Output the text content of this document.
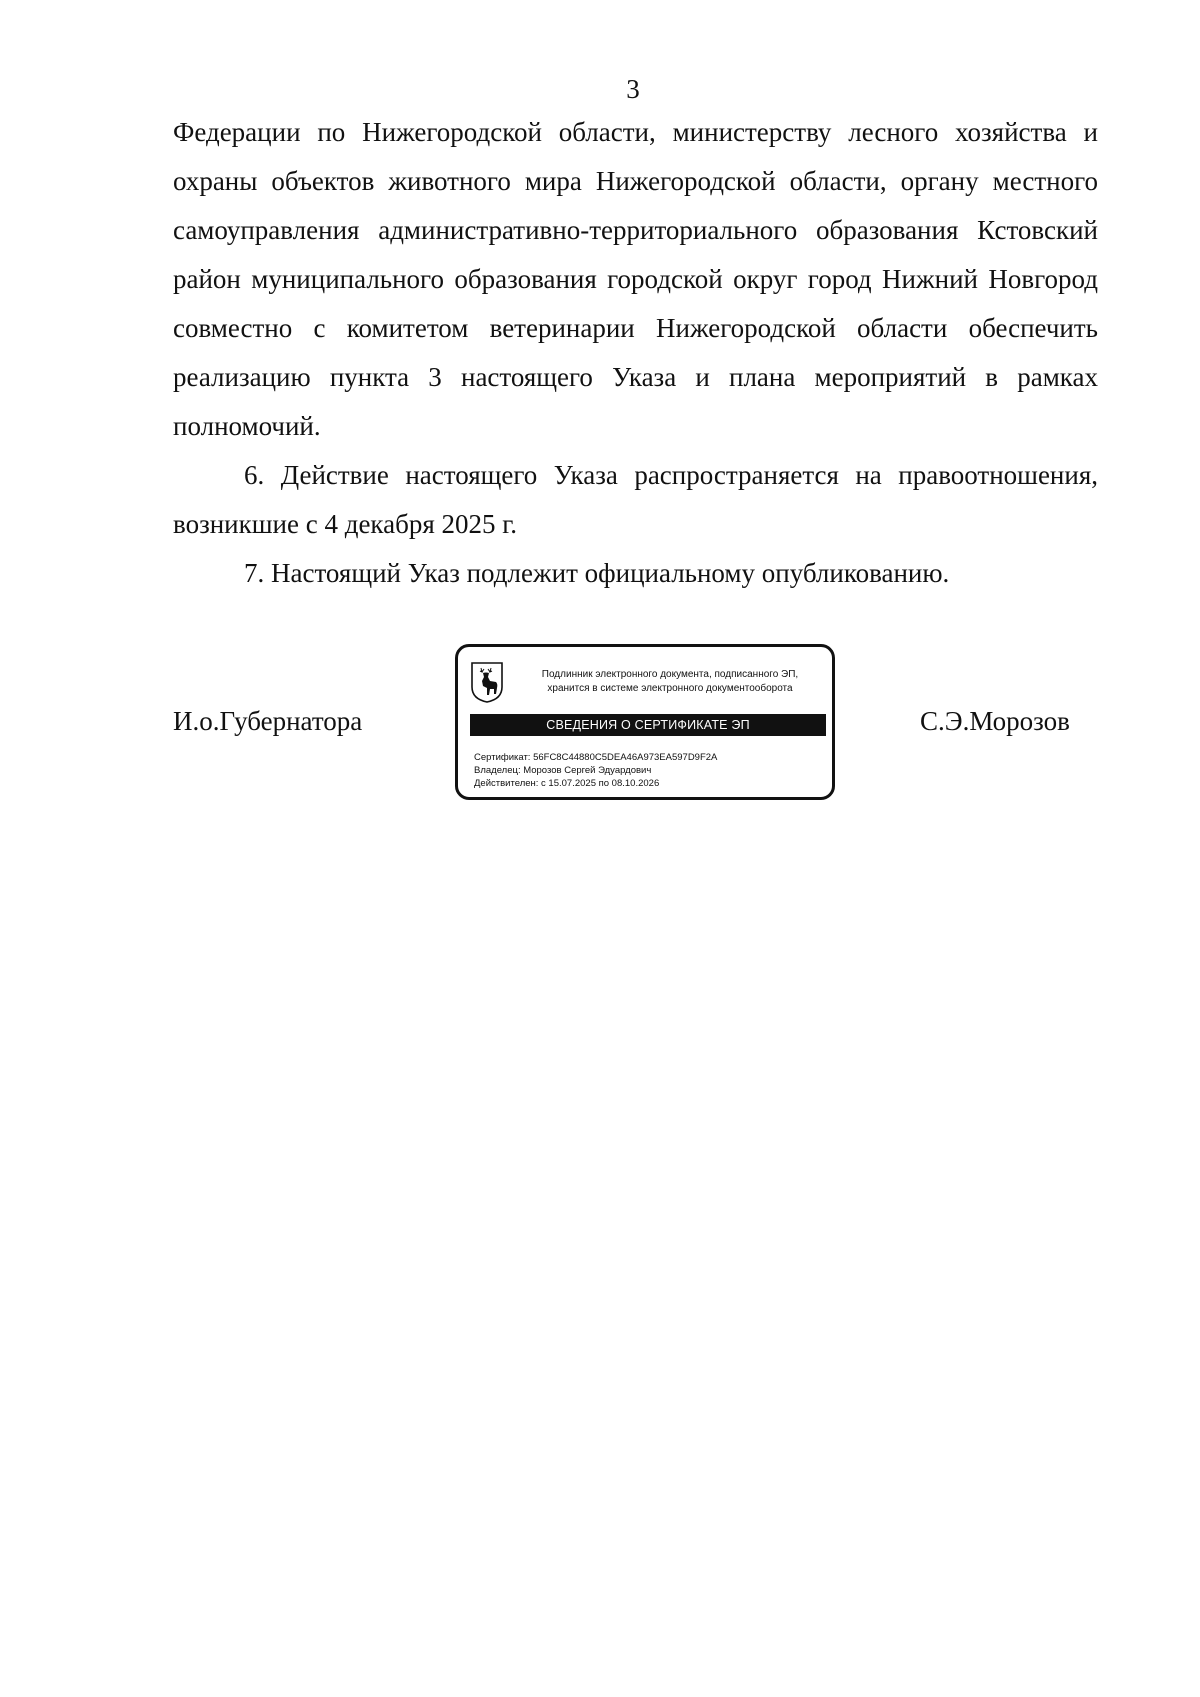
3

Федерации по Нижегородской области, министерству лесного хозяйства и охраны объектов животного мира Нижегородской области, органу местного самоуправления административно-территориального образования Кстовский район муниципального образования городской округ город Нижний Новгород совместно с комитетом ветеринарии Нижегородской области обеспечить реализацию пункта 3 настоящего Указа и плана мероприятий в рамках полномочий.

6. Действие настоящего Указа распространяется на правоотношения, возникшие с 4 декабря 2025 г.

7. Настоящий Указ подлежит официальному опубликованию.

И.о.Губернатора
Подлинник электронного документа, подписанного ЭП,
хранится в системе электронного документооборота
СВЕДЕНИЯ О СЕРТИФИКАТЕ ЭП
Сертификат: 56FC8C44880C5DEA46A973EA597D9F2A
Владелец: Морозов Сергей Эдуардович
Действителен: с 15.07.2025 по 08.10.2026
С.Э.Морозов
